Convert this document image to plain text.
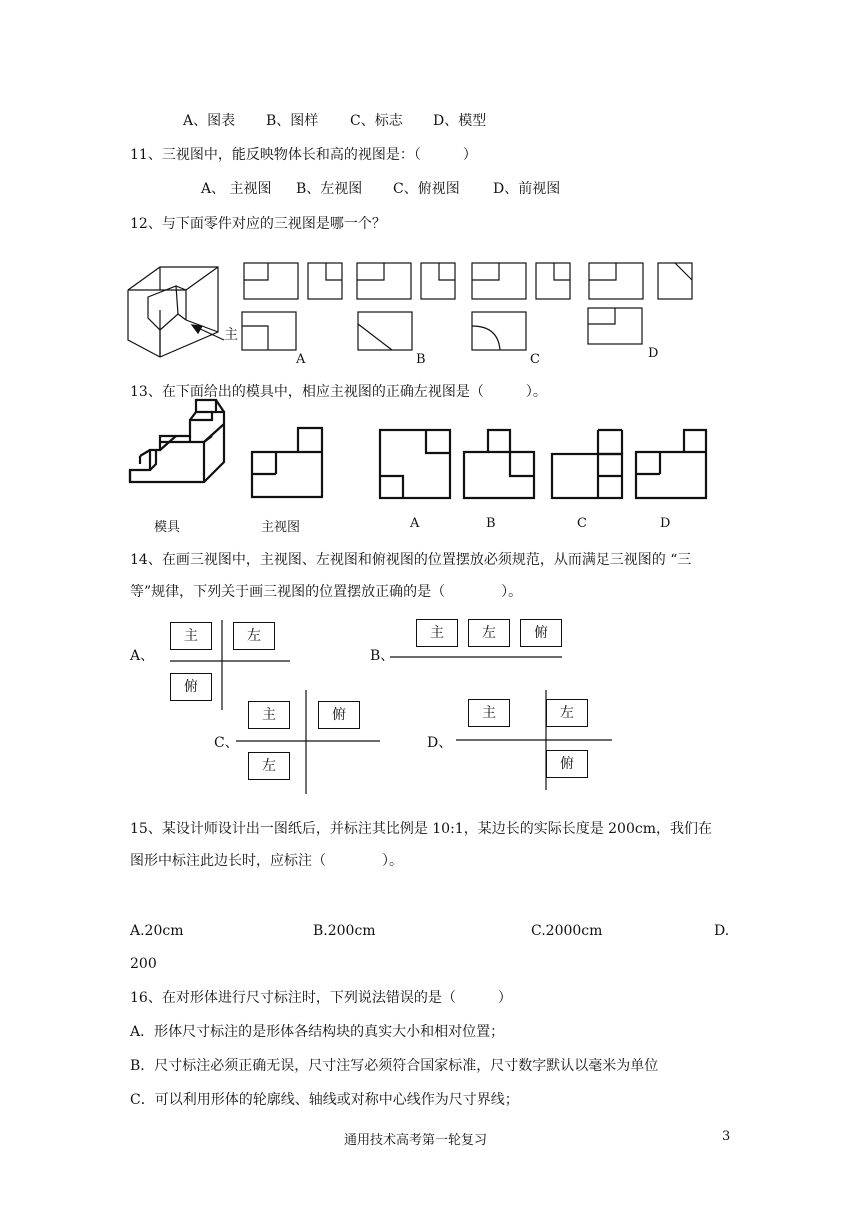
A、图表 B、图样 C、标志 D、模型
11、三视图中，能反映物体长和高的视图是：（　　　）
A、 主视图 B、左视图 C、俯视图 D、前视图
12、与下面零件对应的三视图是哪一个？
主
A	B	C	D
13、在下面给出的模具中，相应主视图的正确左视图是（　　　）。
模具	主视图	A	B	C	D
14、在画三视图中，主视图、左视图和俯视图的位置摆放必须规范，从而满足三视图的 “三
等”规律，下列关于画三视图的位置摆放正确的是（　　　　）。
A、
主	左
俯
B、
主	左	俯
C、
主	俯
左
D、
主	左
俯
15、某设计师设计出一图纸后，并标注其比例是 10:1，某边长的实际长度是 200cm，我们在
图形中标注此边长时，应标注（　　　　）。
A.20cm	B.200cm	C.2000cm	D.
200
16、在对形体进行尺寸标注时，下列说法错误的是（　　　）
A．形体尺寸标注的是形体各结构块的真实大小和相对位置；
B．尺寸标注必须正确无误，尺寸注写必须符合国家标准，尺寸数字默认以毫米为单位
C．可以利用形体的轮廓线、轴线或对称中心线作为尺寸界线；
通用技术高考第一轮复习	3
